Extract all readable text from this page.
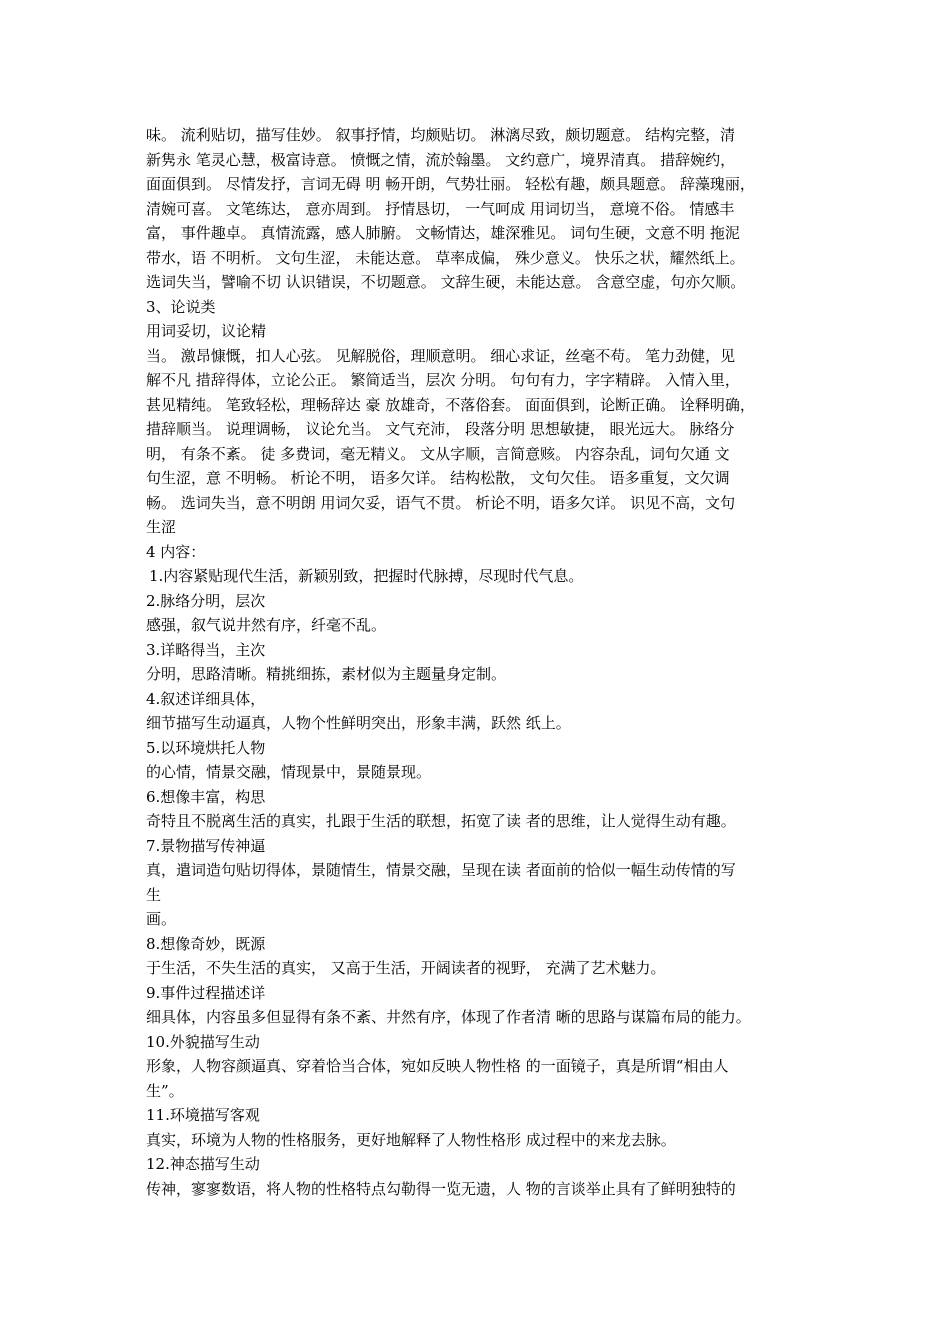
味。 流利贴切，描写佳妙。 叙事抒情，均颇贴切。 淋漓尽致，颇切题意。 结构完整，清
新隽永 笔灵心慧，极富诗意。 愤慨之情，流於翰墨。 文约意广，境界清真。 措辞婉约，
面面俱到。 尽情发抒，言词无碍 明 畅开朗，气势壮丽。 轻松有趣，颇具题意。 辞藻瑰丽，
清婉可喜。 文笔练达， 意亦周到。 抒情恳切， 一气呵成 用词切当， 意境不俗。 情感丰
富， 事件趣卓。 真情流露，感人肺腑。 文畅情达，雄深雅见。 词句生硬，文意不明 拖泥
带水，语 不明析。 文句生涩， 未能达意。 草率成偏， 殊少意义。 快乐之状，耀然纸上。
选词失当，譬喻不切 认识错误，不切题意。 文辞生硬，未能达意。 含意空虚，句亦欠顺。
3、论说类
用词妥切，议论精
当。 激昂慷慨，扣人心弦。 见解脱俗，理顺意明。 细心求证，丝毫不苟。 笔力劲健，见
解不凡 措辞得体，立论公正。 繁简适当，层次 分明。 句句有力，字字精辟。 入情入里，
甚见精纯。 笔致轻松，理畅辞达 豪 放雄奇，不落俗套。 面面俱到，论断正确。 诠释明确，
措辞顺当。 说理调畅， 议论允当。 文气充沛， 段落分明 思想敏捷， 眼光远大。 脉络分
明， 有条不紊。 徒 多费词，毫无精义。 文从字顺，言简意赅。 内容杂乱，词句欠通 文
句生涩，意 不明畅。 析论不明， 语多欠详。 结构松散， 文句欠佳。 语多重复，文欠调
畅。 选词失当，意不明朗 用词欠妥，语气不贯。 析论不明，语多欠详。 识见不高，文句
生涩
4 内容：
1.内容紧贴现代生活，新颖别致，把握时代脉搏，尽现时代气息。
2.脉络分明，层次
感强，叙气说井然有序，纤毫不乱。
3.详略得当，主次
分明，思路清晰。精挑细拣，素材似为主题量身定制。
4.叙述详细具体，
细节描写生动逼真，人物个性鲜明突出，形象丰满，跃然 纸上。
5.以环境烘托人物
的心情，情景交融，情现景中，景随景现。
6.想像丰富，构思
奇特且不脱离生活的真实，扎跟于生活的联想，拓宽了读 者的思维，让人觉得生动有趣。
7.景物描写传神逼
真，遣词造句贴切得体，景随情生，情景交融，呈现在读 者面前的恰似一幅生动传情的写
生
画。
8.想像奇妙，既源
于生活，不失生活的真实， 又高于生活，开阔读者的视野， 充满了艺术魅力。
9.事件过程描述详
细具体，内容虽多但显得有条不紊、井然有序，体现了作者清 晰的思路与谋篇布局的能力。
10.外貌描写生动
形象，人物容颜逼真、穿着恰当合体，宛如反映人物性格 的一面镜子，真是所谓“相由人
生”。
11.环境描写客观
真实，环境为人物的性格服务，更好地解释了人物性格形 成过程中的来龙去脉。
12.神态描写生动
传神，寥寥数语，将人物的性格特点勾勒得一览无遗，人 物的言谈举止具有了鲜明独特的
